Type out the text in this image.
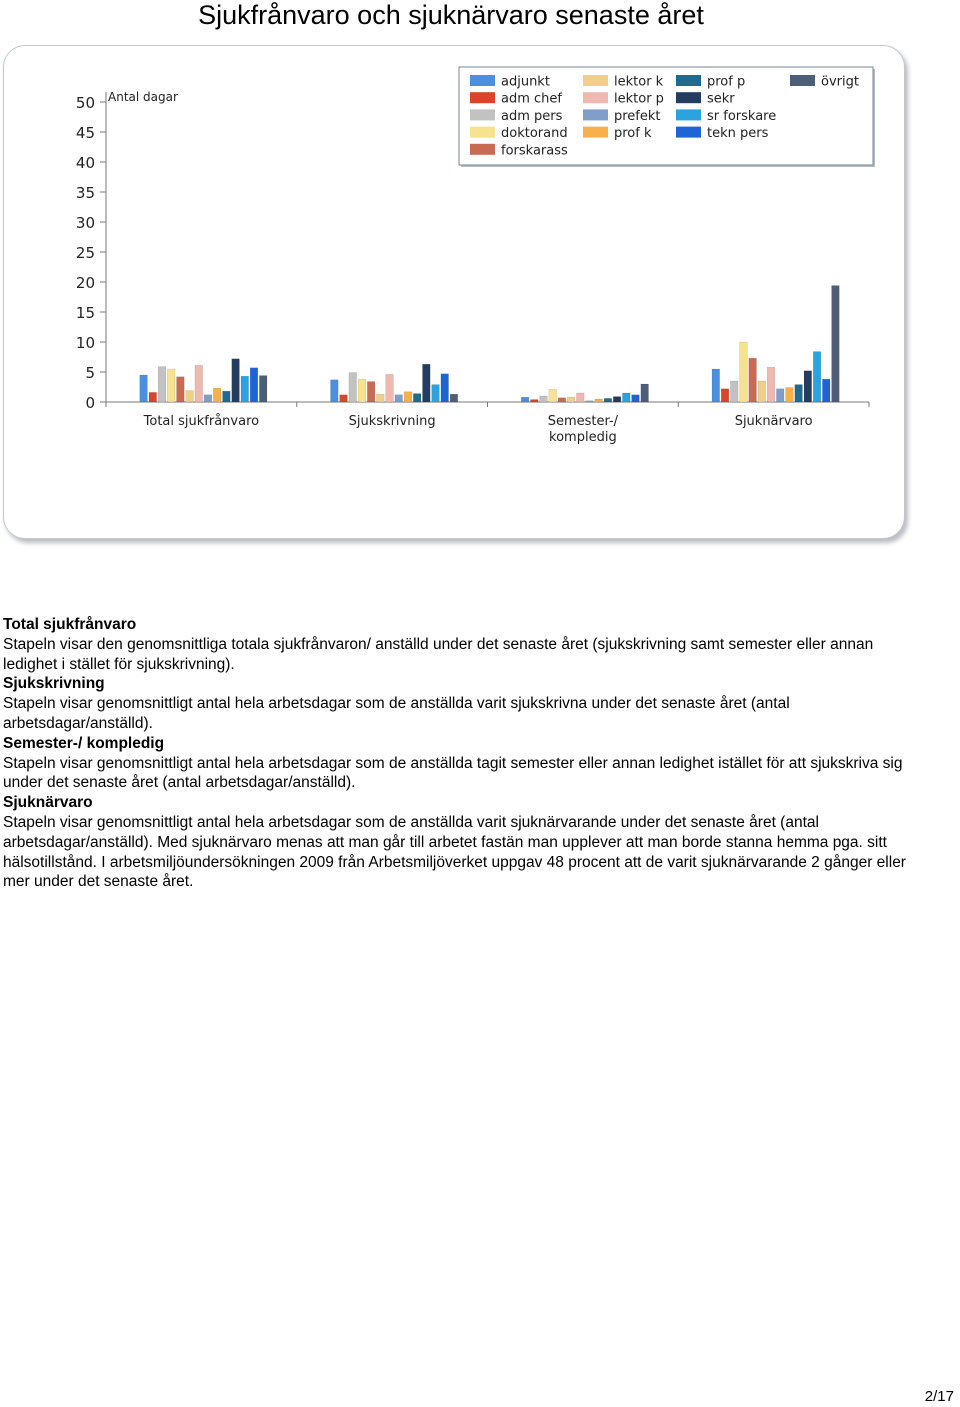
Sjukfrånvaro och sjuknärvaro senaste året
0
5
10
15
20
25
30
35
40
45
50 Antal dagar
Total sjukfrånvaro	Sjukskrivning	Semester-/
kompledig
Sjuknärvaro
adjunkt
adm chef
adm pers
doktorand
forskarass
lektor k
lektor p
prefekt
prof k
prof p
sekr
sr forskare
tekn pers
övrigt

Total sjukfrånvaro

Stapeln visar den genomsnittliga totala sjukfrånvaron/ anställd under det senaste året (sjukskrivning samt semester eller annan ledighet i stället för sjukskrivning).

Sjukskrivning

Stapeln visar genomsnittligt antal hela arbetsdagar som de anställda varit sjukskrivna under det senaste året (antal arbetsdagar/anställd).

Semester-/ kompledig

Stapeln visar genomsnittligt antal hela arbetsdagar som de anställda tagit semester eller annan ledighet istället för att sjukskriva sig under det senaste året (antal arbetsdagar/anställd).

Sjuknärvaro

Stapeln visar genomsnittligt antal hela arbetsdagar som de anställda varit sjuknärvarande under det senaste året (antal arbetsdagar/anställd). Med sjuknärvaro menas att man går till arbetet fastän man upplever att man borde stanna hemma pga. sitt hälsotillstånd. I arbetsmiljöundersökningen 2009 från Arbetsmiljöverket uppgav 48 procent att de varit sjuknärvarande 2 gånger eller mer under det senaste året.

2/17
